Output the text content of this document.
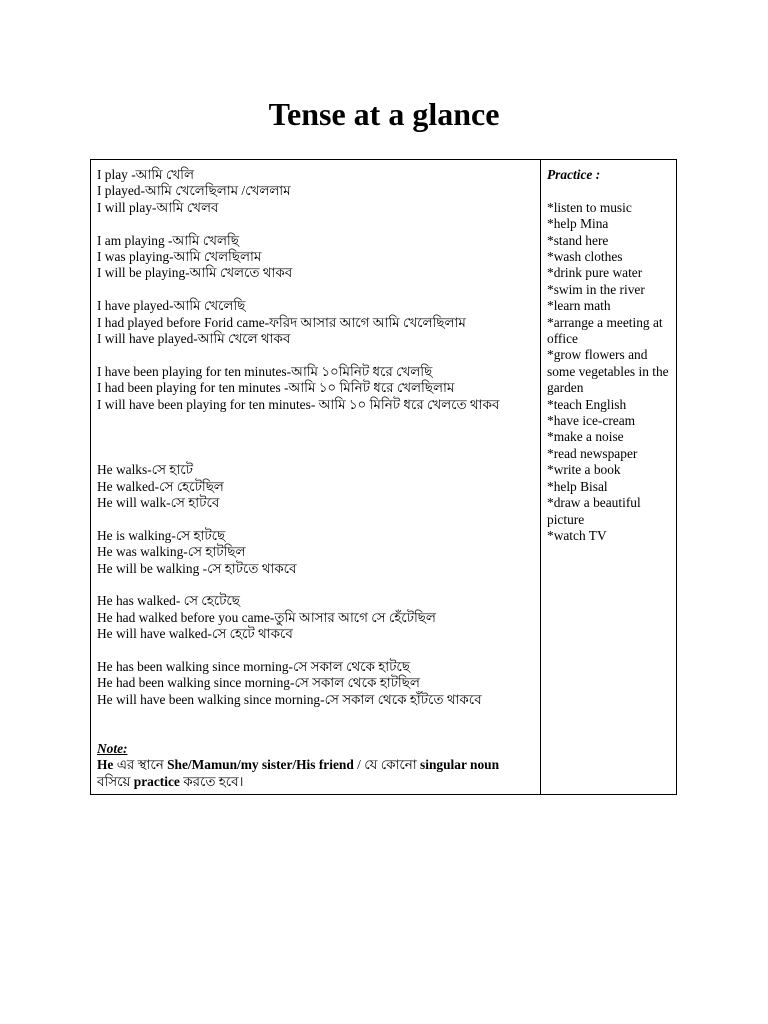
Tense at a glance
I play -আমি খেলি
I played-আমি খেলেছিলাম /খেললাম
I will play-আমি খেলব
I am playing -আমি খেলছি
I was playing-আমি খেলছিলাম
I will be playing-আমি খেলতে থাকব
I have played-আমি খেলেছি
I had played before Forid came-ফরিদ আসার আগে আমি খেলেছিলাম
I will have played-আমি খেলে থাকব
I have been playing for ten minutes-আমি ১০মিনিট ধরে খেলছি
I had been playing for ten minutes -আমি ১০ মিনিট ধরে খেলছিলাম
I will have been playing for ten minutes- আমি ১০ মিনিট ধরে খেলতে থাকব
He walks-সে হাটে
He walked-সে হেটেছিল
He will walk-সে হাটবে
He is walking-সে হাটছে
He was walking-সে হাটছিল
He will be walking -সে হাটতে থাকবে
He has walked- সে হেটেছে
He had walked before you came-তুমি আসার আগে সে হেঁটেছিল
He will have walked-সে হেটে থাকবে
He has been walking since morning-সে সকাল থেকে হাটছে
He had been walking since morning-সে সকাল থেকে হাটছিল
He will have been walking since morning-সে সকাল থেকে হাঁটতে থাকবে
Note:
He এর স্থানে She/Mamun/my sister/His friend / যে কোনো singular noun বসিয়ে practice করতে হবে।
Practice :
*listen to music
*help Mina
*stand here
*wash clothes
*drink pure water
*swim in the river
*learn math
*arrange a meeting at office
*grow flowers and some vegetables in the garden
*teach English
*have ice-cream
*make a noise
*read newspaper
*write a book
*help Bisal
*draw a beautiful picture
*watch TV
